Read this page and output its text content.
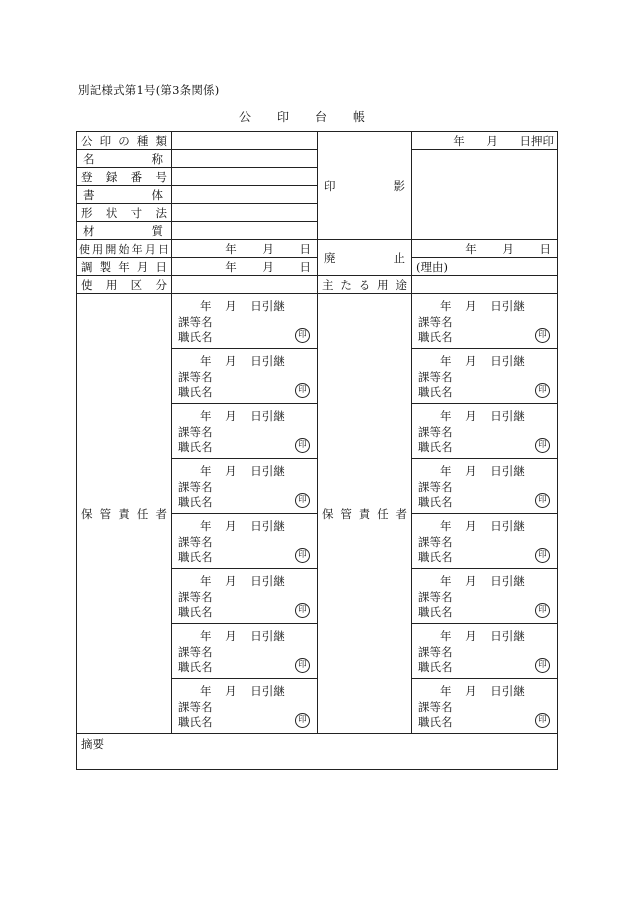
別記様式第1号(第3条関係)
公印台帳
公印の種類		印影	年 月 日押印
名称			
登録番号			
書体			
形状寸法			
材質			
使用開始年月日	年 月 日	廃止	年 月 日
調製年月日	年 月 日		(理由)
使用区分		主たる用途	
保管責任者	年 月 日引継
課等名
職氏名 印	保管責任者	年 月 日引継
課等名
職氏名 印

	年 月 日引継
課等名
職氏名 印		年 月 日引継
課等名
職氏名 印

	年 月 日引継
課等名
職氏名 印		年 月 日引継
課等名
職氏名 印

	年 月 日引継
課等名
職氏名 印		年 月 日引継
課等名
職氏名 印

	年 月 日引継
課等名
職氏名 印		年 月 日引継
課等名
職氏名 印

	年 月 日引継
課等名
職氏名 印		年 月 日引継
課等名
職氏名 印

	年 月 日引継
課等名
職氏名 印		年 月 日引継
課等名
職氏名 印

	年 月 日引継
課等名
職氏名 印		年 月 日引継
課等名
職氏名 印

摘要			
